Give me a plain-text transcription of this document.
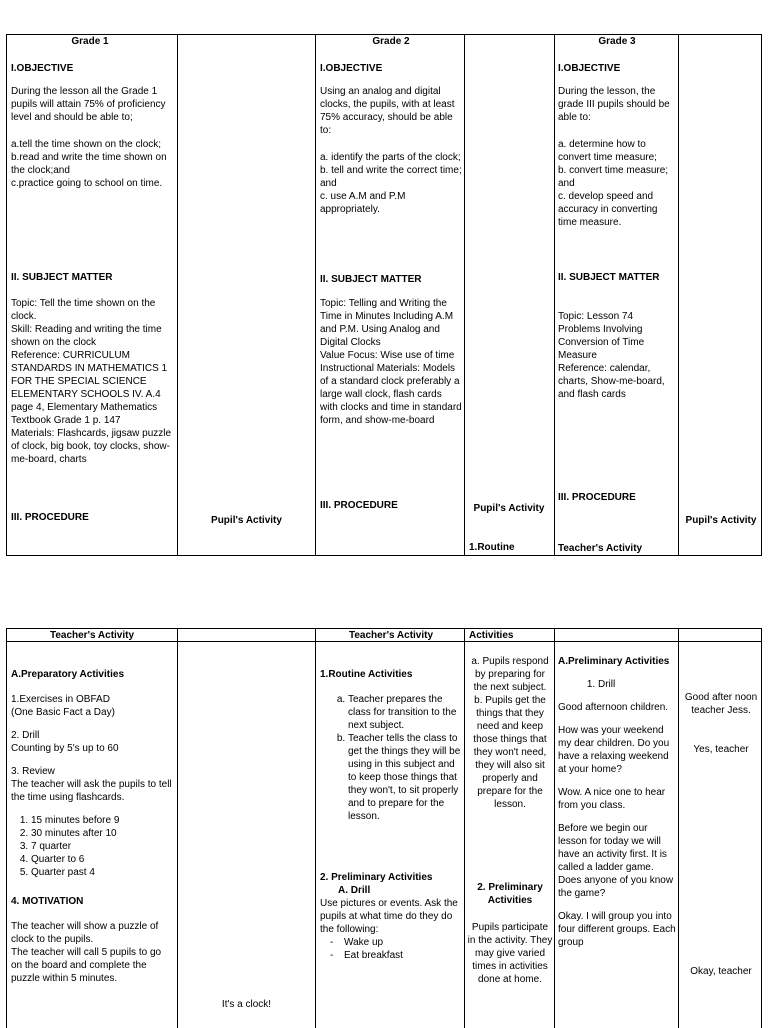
Grade 1
I.OBJECTIVE
During the lesson all the Grade 1 pupils will attain 75% of proficiency level and should be able to;
a.tell the time shown on the clock;
b.read and write the time shown on the clock;and
c.practice going to school on time.
II. SUBJECT MATTER
Topic: Tell the time shown on the clock.
Skill: Reading and writing the time shown on the clock
Reference: CURRICULUM STANDARDS IN MATHEMATICS 1 FOR THE SPECIAL SCIENCE ELEMENTARY SCHOOLS IV. A.4 page 4, Elementary Mathematics Textbook Grade 1 p. 147
Materials: Flashcards, jigsaw puzzle of clock, big book, toy clocks, show-me-board, charts
III. PROCEDURE	Pupil's Activity
Grade 2
I.OBJECTIVE
Using an analog and digital clocks, the pupils, with at least 75% accuracy, should be able to:
a. identify the parts of the clock;
b. tell and write the correct time; and
c. use A.M and P.M appropriately.
II. SUBJECT MATTER
Topic: Telling and Writing the Time in Minutes Including A.M and P.M. Using Analog and Digital Clocks
Value Focus: Wise use of time
Instructional Materials: Models of a standard clock preferably a large wall clock, flash cards with clocks and time in standard form, and show-me-board
III. PROCEDURE	Pupil's Activity
1.Routine
Grade 3
I.OBJECTIVE
During the lesson, the grade III pupils should be able to:
a. determine how to convert time measure;
b. convert time measure; and
c. develop speed and accuracy in converting time measure.
II. SUBJECT MATTER
Topic: Lesson 74 Problems Involving Conversion of Time Measure
Reference: calendar, charts, Show-me-board, and flash cards
III. PROCEDURE
Teacher's Activity
Pupil's Activity
Teacher's Activity
A.Preparatory Activities
1.Exercises in OBFAD
(One Basic Fact a Day)
2. Drill
Counting by 5's up to 60
3. Review
The teacher will ask the pupils to tell the time using flashcards.
1. 15 minutes before 9
2. 30 minutes after 10
3. 7 quarter
4. Quarter to 6
5. Quarter past 4
4. MOTIVATION
The teacher will show a puzzle of clock to the pupils.
The teacher will call 5 pupils to go on the board and complete the puzzle within 5 minutes.
It's a clock!
Teacher's Activity
1.Routine Activities
a. Teacher prepares the class for transition to the next subject.
b. Teacher tells the class to get the things they will be using in this subject and to keep those things that they won't, to sit properly and to prepare for the lesson.
2. Preliminary Activities
A. Drill
Use pictures or events. Ask the pupils at what time do they do the following:
- Wake up
- Eat breakfast
Activities
a. Pupils respond by preparing for the next subject.
b. Pupils get the things that they need and keep those things that they won't need, they will also sit properly and prepare for the lesson.
2. Preliminary Activities
Pupils participate in the activity. They may give varied times in activities done at home.
A.Preliminary Activities
1. Drill
Good afternoon children.
How was your weekend my dear children. Do you have a relaxing weekend at your home?
Wow. A nice one to hear from you class.
Before we begin our lesson for today we will have an activity first. It is called a ladder game. Does anyone of you know the game?
Okay. I will group you into four different groups. Each group
Good after noon teacher Jess.
Yes, teacher
Okay, teacher
